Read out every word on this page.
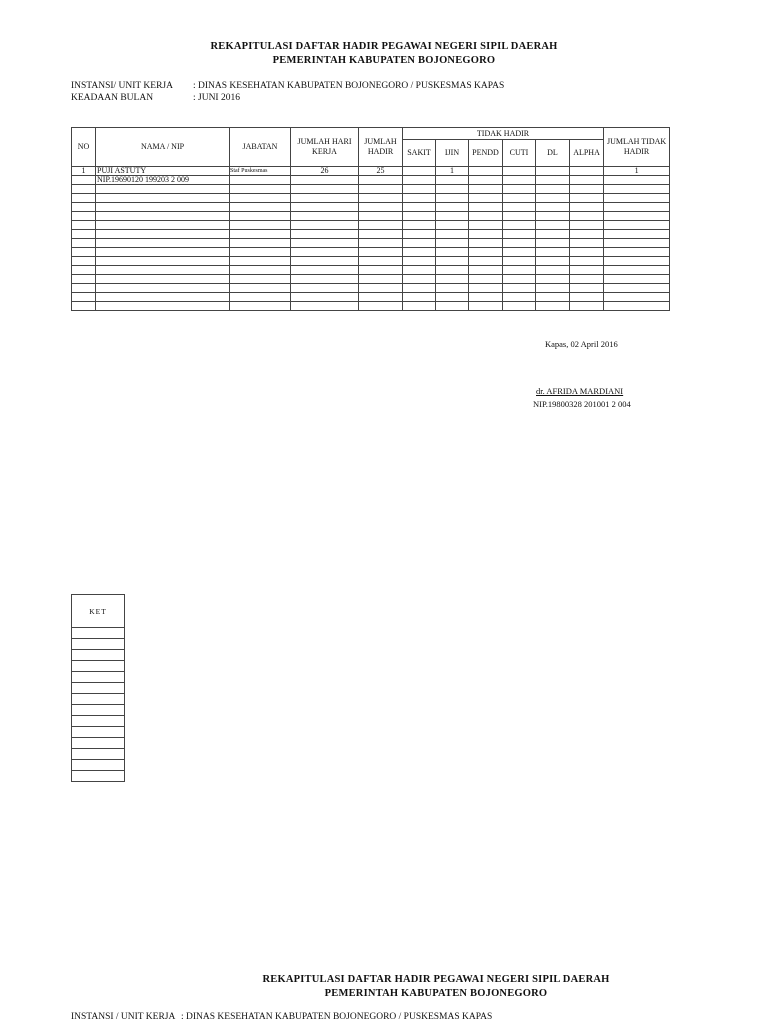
REKAPITULASI DAFTAR HADIR PEGAWAI NEGERI SIPIL DAERAH
PEMERINTAH KABUPATEN BOJONEGORO
INSTANSI/ UNIT KERJA : DINAS KESEHATAN KABUPATEN BOJONEGORO / PUSKESMAS KAPAS
KEADAAN BULAN	: JUNI 2016
NO	NAMA / NIP	JABATAN	JUMLAH HARI KERJA	JUMLAH HADIR	TIDAK HADIR						JUMLAH TIDAK HADIR
					SAKIT	IJIN	PENDD	CUTI	DL	ALPHA	
1	PUJI ASTUTY	Staf Puskesmas	26	25		1					1
	NIP.19690120 199203 2 009										

Kapas, 02 April 2016
dr. AFRIDA MARDIANI
NIP.19800328 201001 2 004
KET

REKAPITULASI DAFTAR HADIR PEGAWAI NEGERI SIPIL DAERAH
PEMERINTAH KABUPATEN BOJONEGORO
INSTANSI / UNIT KERJA : DINAS KESEHATAN KABUPATEN BOJONEGORO / PUSKESMAS KAPAS
